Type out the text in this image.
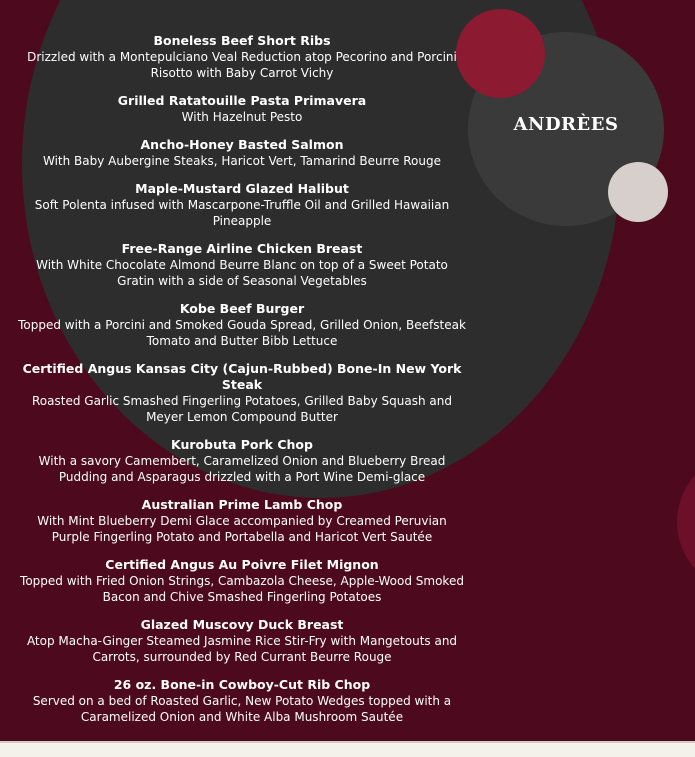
ANDRÈES
Boneless Beef Short Ribs
Drizzled with a Montepulciano Veal Reduction atop Pecorino and Porcini Risotto with Baby Carrot Vichy
Grilled Ratatouille Pasta Primavera
With Hazelnut Pesto
Ancho-Honey Basted Salmon
With Baby Aubergine Steaks, Haricot Vert, Tamarind Beurre Rouge
Maple-Mustard Glazed Halibut
Soft Polenta infused with Mascarpone-Truffle Oil and Grilled Hawaiian Pineapple
Free-Range Airline Chicken Breast
With White Chocolate Almond Beurre Blanc on top of a Sweet Potato Gratin with a side of Seasonal Vegetables
Kobe Beef Burger
Topped with a Porcini and Smoked Gouda Spread, Grilled Onion, Beefsteak Tomato and Butter Bibb Lettuce
Certified Angus Kansas City (Cajun-Rubbed) Bone-In New York Steak
Roasted Garlic Smashed Fingerling Potatoes, Grilled Baby Squash and Meyer Lemon Compound Butter
Kurobuta Pork Chop
With a savory Camembert, Caramelized Onion and Blueberry Bread Pudding and Asparagus drizzled with a Port Wine Demi-glace
Australian Prime Lamb Chop
With Mint Blueberry Demi Glace accompanied by Creamed Peruvian Purple Fingerling Potato and Portabella and Haricot Vert Sautée
Certified Angus Au Poivre Filet Mignon
Topped with Fried Onion Strings, Cambazola Cheese, Apple-Wood Smoked Bacon and Chive Smashed Fingerling Potatoes
Glazed Muscovy Duck Breast
Atop Macha-Ginger Steamed Jasmine Rice Stir-Fry with Mangetouts and Carrots, surrounded by Red Currant Beurre Rouge
26 oz. Bone-in Cowboy-Cut Rib Chop
Served on a bed of Roasted Garlic, New Potato Wedges topped with a Caramelized Onion and White Alba Mushroom Sautée
